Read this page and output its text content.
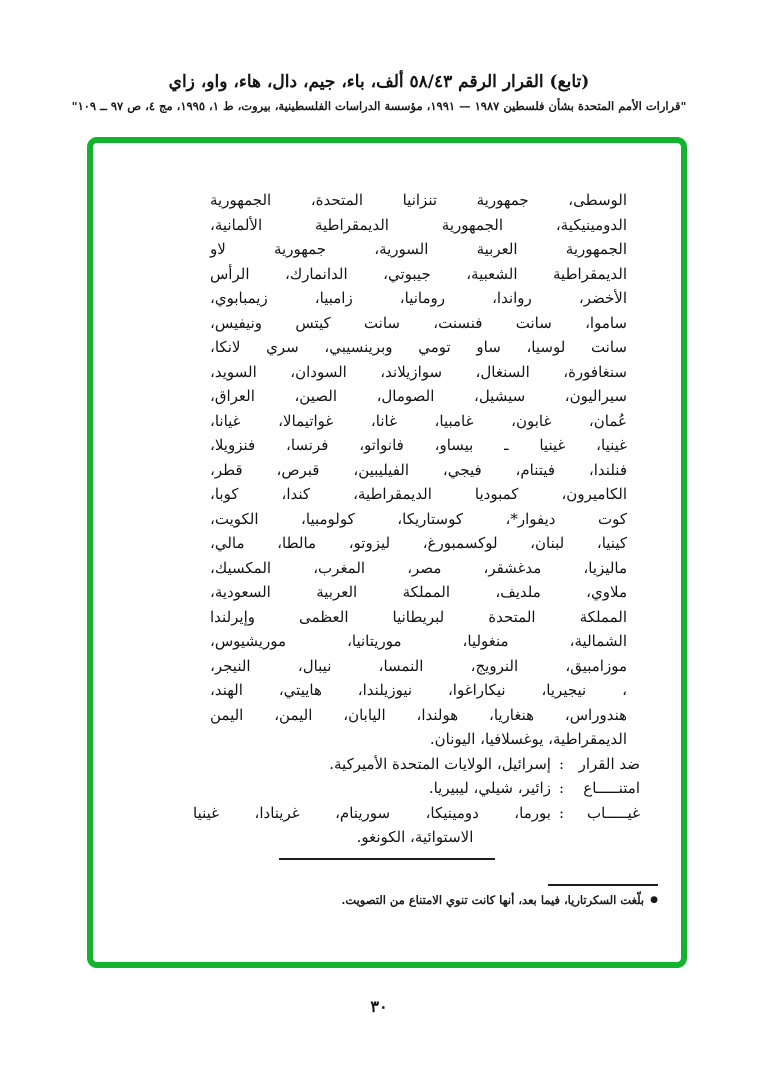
(تابع) القرار الرقم ٥٨/٤٣ ألف، باء، جيم، دال، هاء، واو، زاي
"قرارات الأمم المتحدة بشأن فلسطين ١٩٨٧ — ١٩٩١، مؤسسة الدراسات الفلسطينية، بيروت، ط ١، ١٩٩٥، مج ٤، ص ٩٧ ــ ١٠٩"
الوسطى، جمهورية تنزانيا المتحدة، الجمهورية
الدومينيكية، الجمهورية الديمقراطية الألمانية،
الجمهورية العربية السورية، جمهورية لاو
الديمقراطية الشعبية، جيبوتي، الدانمارك، الرأس
الأخضر، رواندا، رومانيا، زامبيا، زيمبابوي،
ساموا، سانت فنسنت، سانت كيتس ونيفيس،
سانت لوسيا، ساو تومي وبرينسيبي، سري لانكا،
سنغافورة، السنغال، سوازيلاند، السودان، السويد،
سيراليون، سيشيل، الصومال، الصين، العراق،
عُمان، غابون، غامبيا، غانا، غواتيمالا، غيانا،
غينيا، غينيا ـ بيساو، فانواتو، فرنسا، فنزويلا،
فنلندا، فيتنام، فيجي، الفيليبين، قبرص، قطر،
الكاميرون، كمبوديا الديمقراطية، كندا، كوبا،
كوت ديفوار*، كوستاريكا، كولومبيا، الكويت،
كينيا، لبنان، لوكسمبورغ، ليزوتو، مالطا، مالي،
ماليزيا، مدغشقر، مصر، المغرب، المكسيك،
ملاوي، ملديف، المملكة العربية السعودية،
المملكة المتحدة لبريطانيا العظمى وإيرلندا
الشمالية، منغوليا، موريتانيا، موريشيوس،
موزامبيق، النرويج، النمسا، نيبال، النيجر،
، نيجيريا، نيكاراغوا، نيوزيلندا، هاييتي، الهند،
هندوراس، هنغاريا، هولندا، اليابان، اليمن، اليمن
الديمقراطية، يوغسلافيا، اليونان.
ضد القرار
:
إسرائيل، الولايات المتحدة الأميركية.
امتنـــــاع
:
زائير، شيلي، ليبيريا.
غيـــــاب
:
بورما، دومينيكا، سورينام، غرينادا، غينيا
الاستوائية، الكونغو.
●
بلّغت السكرتاريا، فيما بعد، أنها كانت تنوي الامتناع من التصويت.
٣٠
